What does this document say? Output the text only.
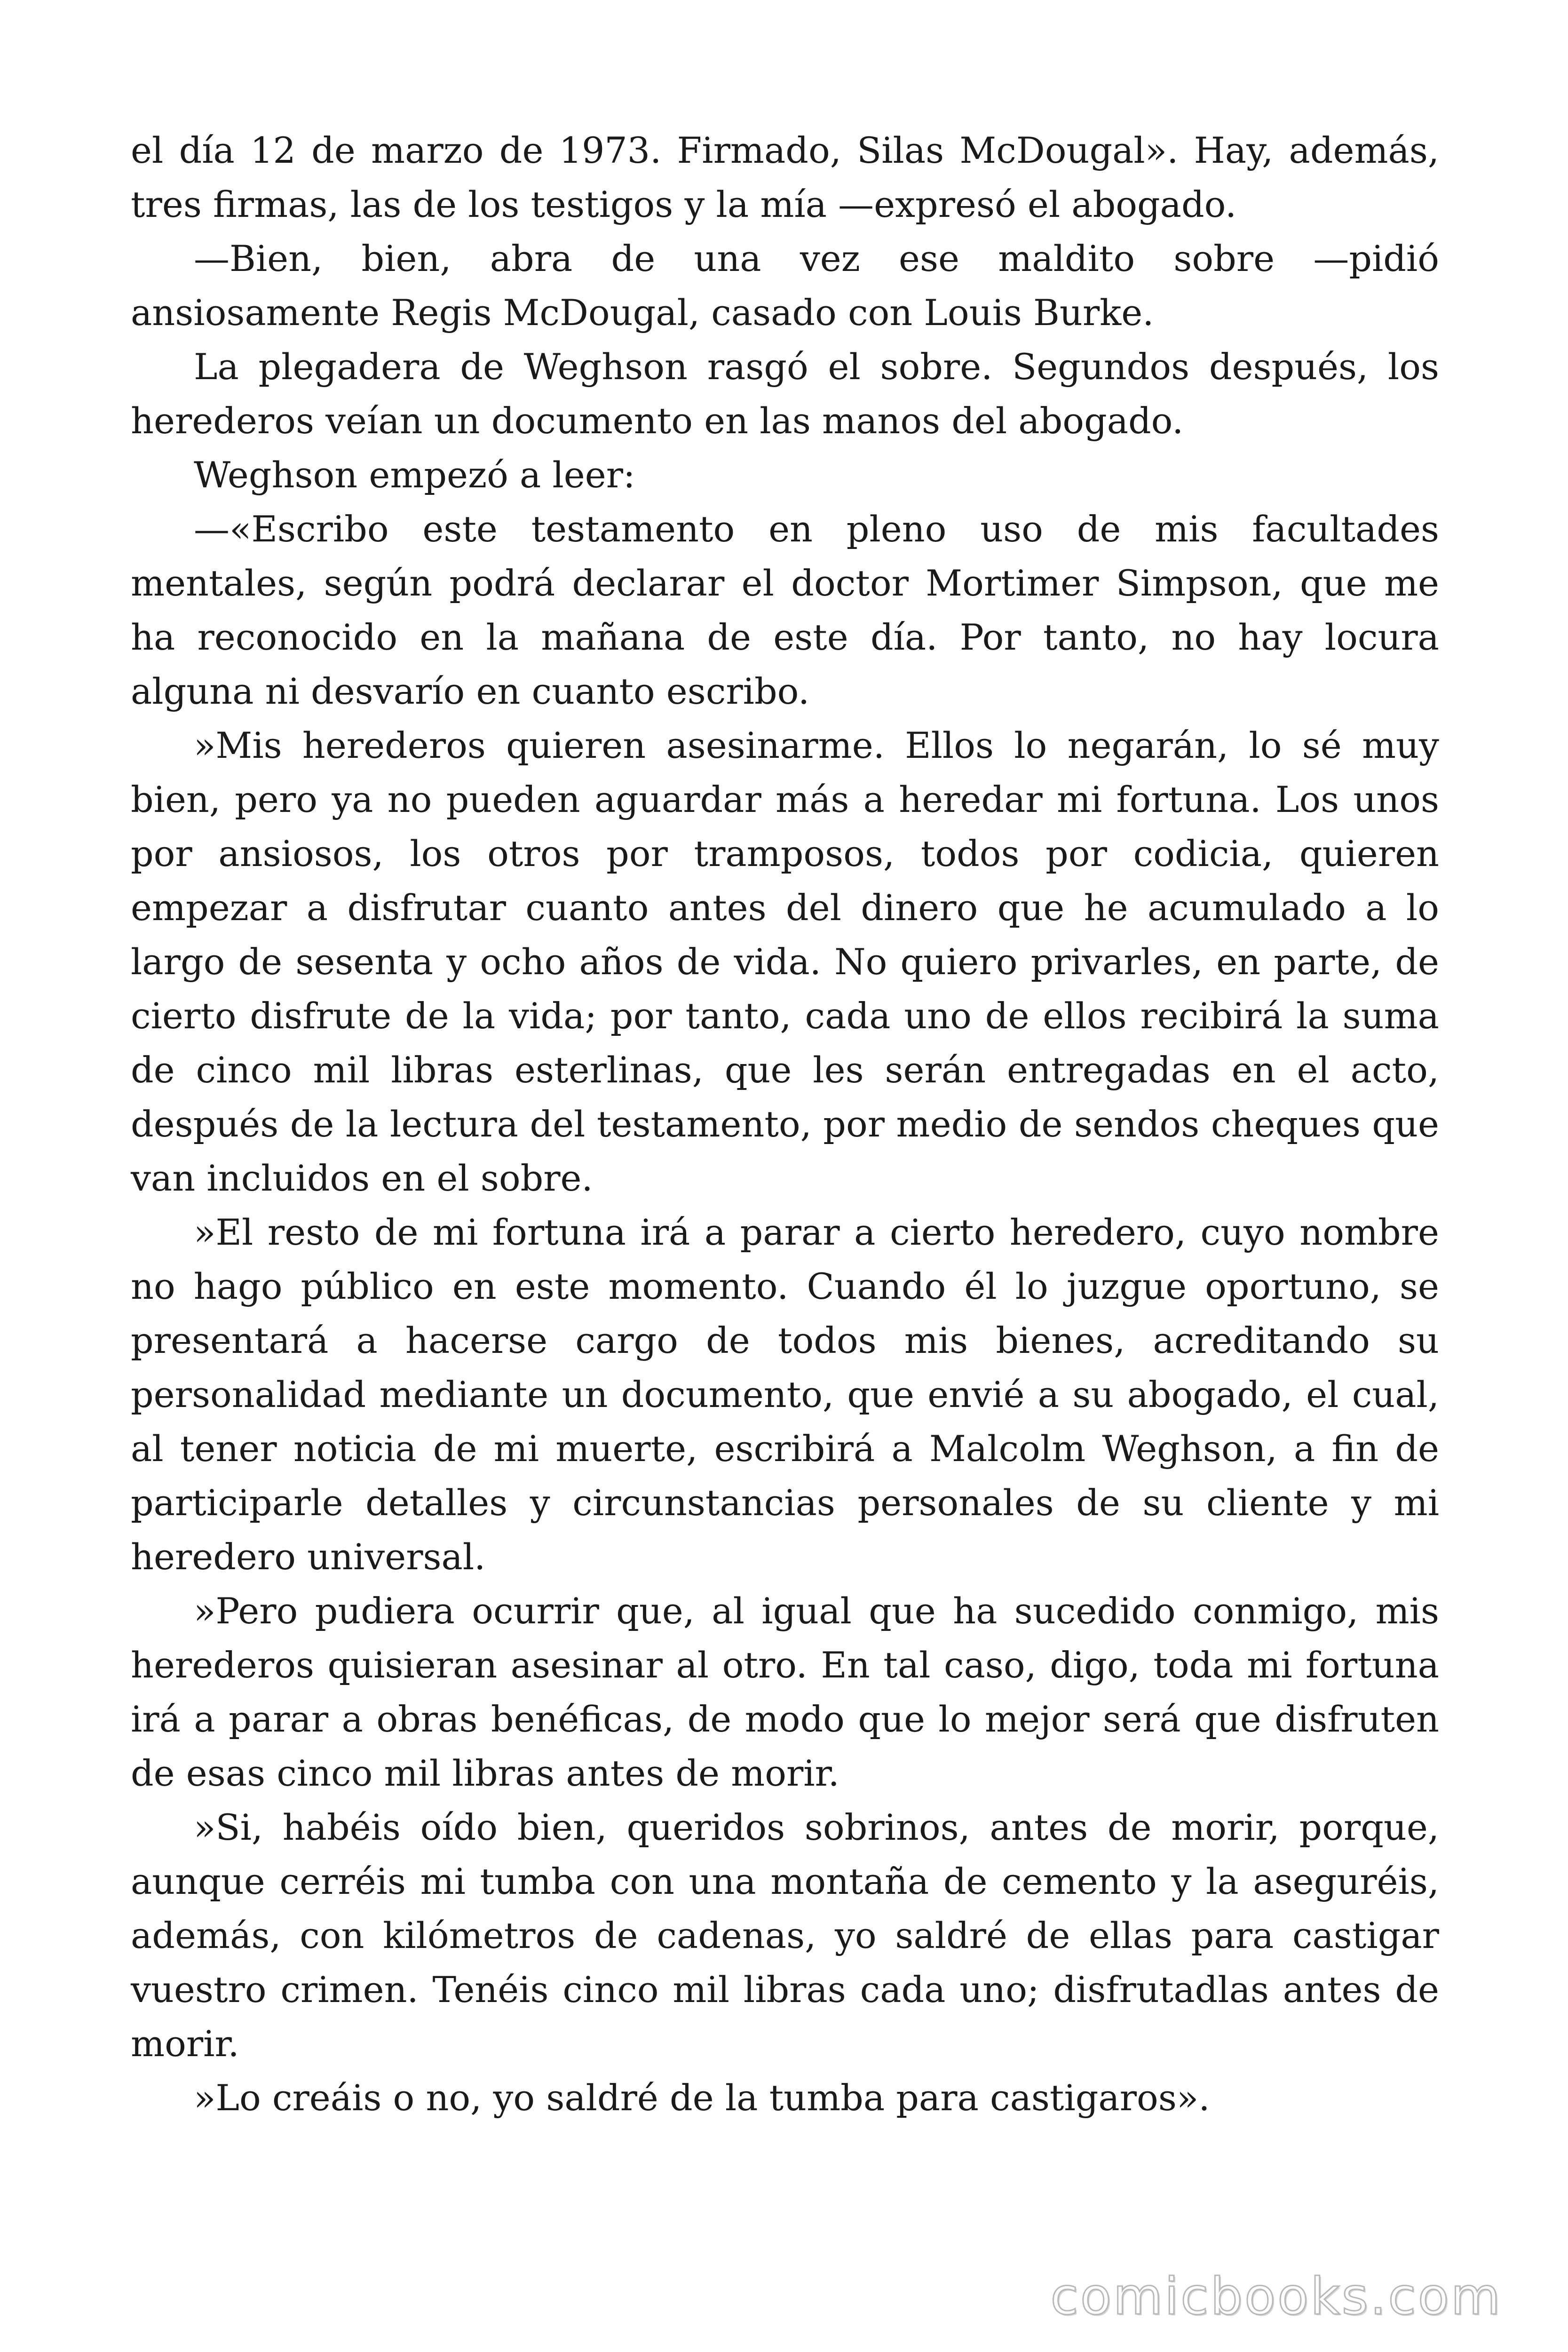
el día 12 de marzo de 1973. Firmado, Silas McDougal». Hay, además, tres firmas, las de los testigos y la mía —expresó el abogado.

—Bien, bien, abra de una vez ese maldito sobre —pidió ansiosamente Regis McDougal, casado con Louis Burke.

La plegadera de Weghson rasgó el sobre. Segundos después, los herederos veían un documento en las manos del abogado.

Weghson empezó a leer:

—«Escribo este testamento en pleno uso de mis facultades mentales, según podrá declarar el doctor Mortimer Simpson, que me ha reconocido en la mañana de este día. Por tanto, no hay locura alguna ni desvarío en cuanto escribo.

»Mis herederos quieren asesinarme. Ellos lo negarán, lo sé muy bien, pero ya no pueden aguardar más a heredar mi fortuna. Los unos por ansiosos, los otros por tramposos, todos por codicia, quieren empezar a disfrutar cuanto antes del dinero que he acumulado a lo largo de sesenta y ocho años de vida. No quiero privarles, en parte, de cierto disfrute de la vida; por tanto, cada uno de ellos recibirá la suma de cinco mil libras esterlinas, que les serán entregadas en el acto, después de la lectura del testamento, por medio de sendos cheques que van incluidos en el sobre.

»El resto de mi fortuna irá a parar a cierto heredero, cuyo nombre no hago público en este momento. Cuando él lo juzgue oportuno, se presentará a hacerse cargo de todos mis bienes, acreditando su personalidad mediante un documento, que envié a su abogado, el cual, al tener noticia de mi muerte, escribirá a Malcolm Weghson, a fin de participarle detalles y circunstancias personales de su cliente y mi heredero universal.

»Pero pudiera ocurrir que, al igual que ha sucedido conmigo, mis herederos quisieran asesinar al otro. En tal caso, digo, toda mi fortuna irá a parar a obras benéficas, de modo que lo mejor será que disfruten de esas cinco mil libras antes de morir.

»Si, habéis oído bien, queridos sobrinos, antes de morir, porque, aunque cerréis mi tumba con una montaña de cemento y la aseguréis, además, con kilómetros de cadenas, yo saldré de ellas para castigar vuestro crimen. Tenéis cinco mil libras cada uno; disfrutadlas antes de morir.

»Lo creáis o no, yo saldré de la tumba para castigaros».

comicbooks.com
